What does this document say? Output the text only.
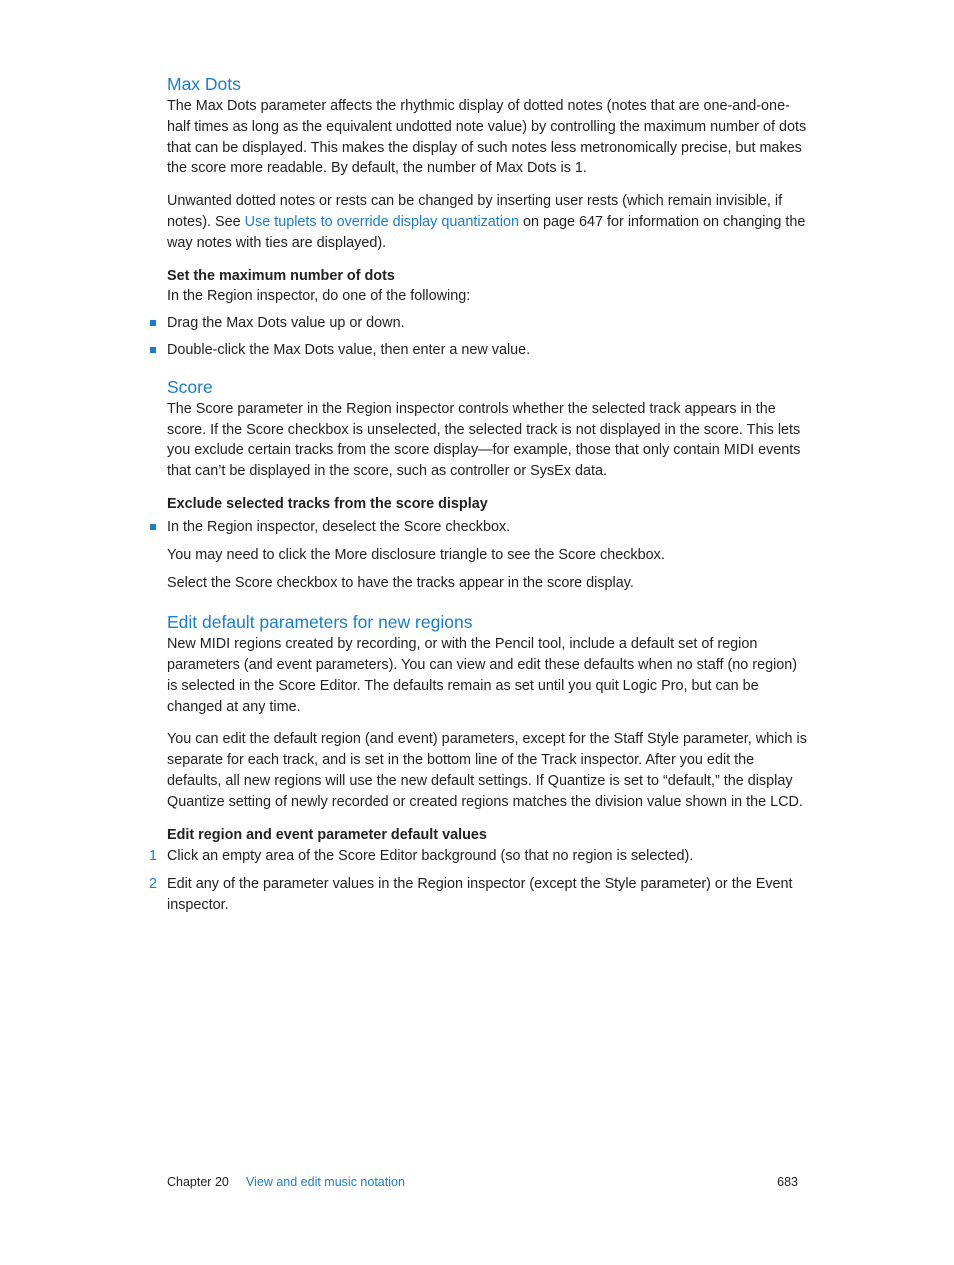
Max Dots

The Max Dots parameter affects the rhythmic display of dotted notes (notes that are one-and-one-half times as long as the equivalent undotted note value) by controlling the maximum number of dots that can be displayed. This makes the display of such notes less metronomically precise, but makes the score more readable. By default, the number of Max Dots is 1.

Unwanted dotted notes or rests can be changed by inserting user rests (which remain invisible, if notes). See Use tuplets to override display quantization on page 647 for information on changing the way notes with ties are displayed).

Set the maximum number of dots

In the Region inspector, do one of the following:

Drag the Max Dots value up or down.
Double-click the Max Dots value, then enter a new value.
Score

The Score parameter in the Region inspector controls whether the selected track appears in the score. If the Score checkbox is unselected, the selected track is not displayed in the score. This lets you exclude certain tracks from the score display—for example, those that only contain MIDI events that can’t be displayed in the score, such as controller or SysEx data.

Exclude selected tracks from the score display
In the Region inspector, deselect the Score checkbox.

You may need to click the More disclosure triangle to see the Score checkbox.

Select the Score checkbox to have the tracks appear in the score display.

Edit default parameters for new regions

New MIDI regions created by recording, or with the Pencil tool, include a default set of region parameters (and event parameters). You can view and edit these defaults when no staff (no region) is selected in the Score Editor. The defaults remain as set until you quit Logic Pro, but can be changed at any time.

You can edit the default region (and event) parameters, except for the Staff Style parameter, which is separate for each track, and is set in the bottom line of the Track inspector. After you edit the defaults, all new regions will use the new default settings. If Quantize is set to “default,” the display Quantize setting of newly recorded or created regions matches the division value shown in the LCD.

Edit region and event parameter default values
1 Click an empty area of the Score Editor background (so that no region is selected).
2 Edit any of the parameter values in the Region inspector (except the Style parameter) or the Event inspector.
Chapter 20 View and edit music notation	683
